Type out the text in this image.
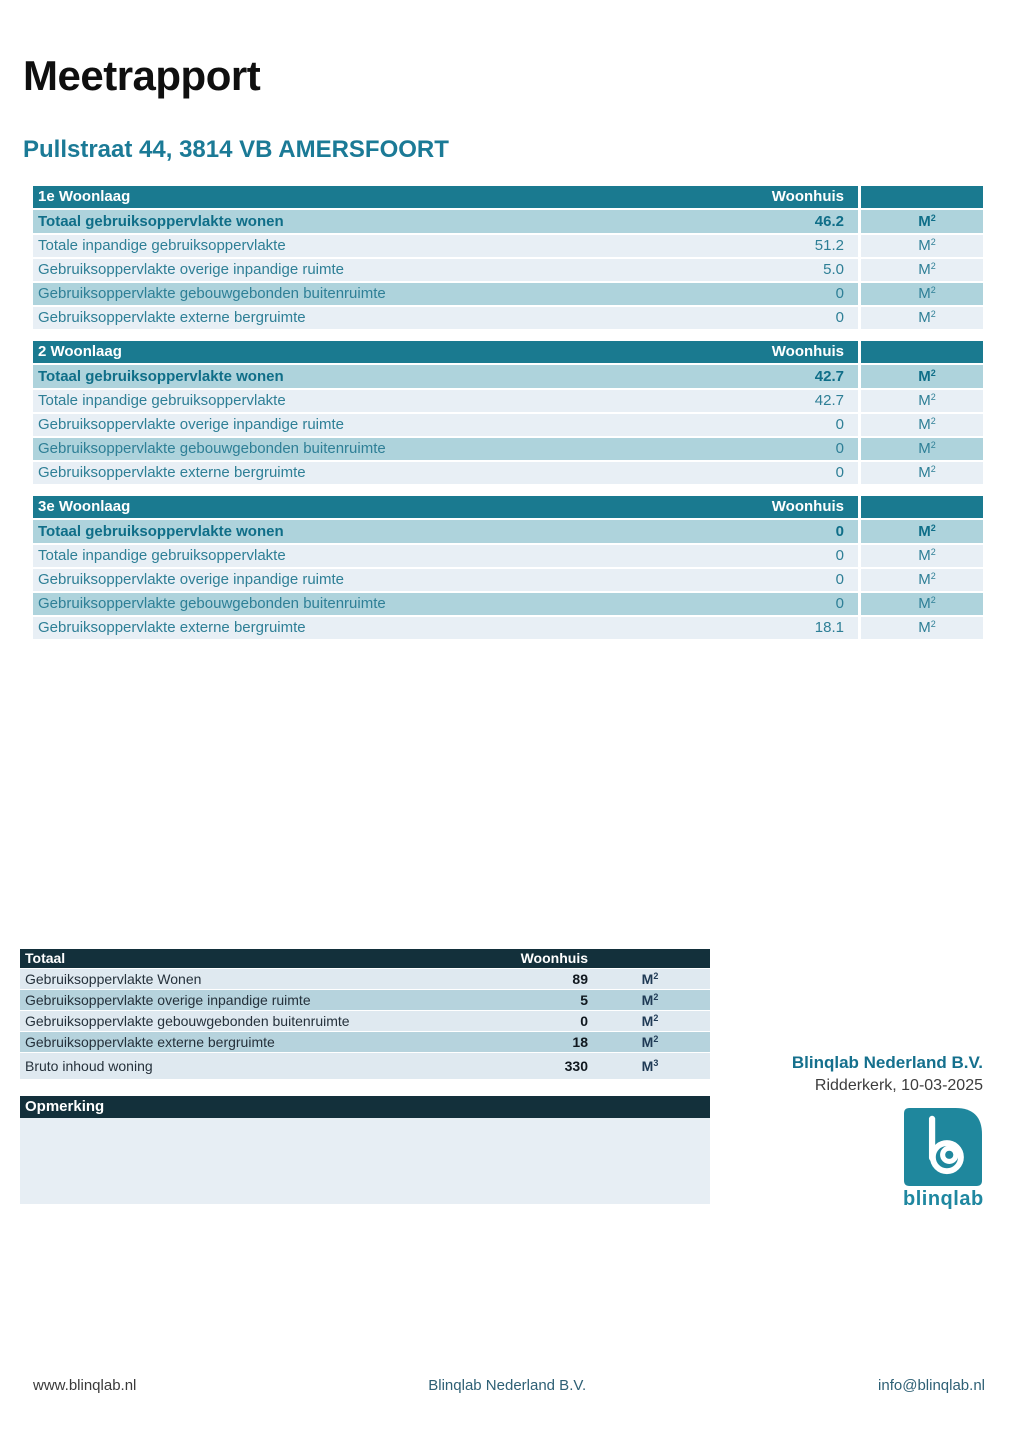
Meetrapport
Pullstraat 44, 3814 VB AMERSFOORT
1e Woonlaag	Woonhuis
Totaal gebruiksoppervlakte wonen	46.2	$M^2$
Totale inpandige gebruiksoppervlakte	51.2	$M^2$
Gebruiksoppervlakte overige inpandige ruimte	5.0	$M^2$
Gebruiksoppervlakte gebouwgebonden buitenruimte	0	$M^2$
Gebruiksoppervlakte externe bergruimte	0	$M^2$
2 Woonlaag	Woonhuis
Totaal gebruiksoppervlakte wonen	42.7	$M^2$
Totale inpandige gebruiksoppervlakte	42.7	$M^2$
Gebruiksoppervlakte overige inpandige ruimte	0	$M^2$
Gebruiksoppervlakte gebouwgebonden buitenruimte	0	$M^2$
Gebruiksoppervlakte externe bergruimte	0	$M^2$
3e Woonlaag	Woonhuis
Totaal gebruiksoppervlakte wonen	0	$M^2$
Totale inpandige gebruiksoppervlakte	0	$M^2$
Gebruiksoppervlakte overige inpandige ruimte	0	$M^2$
Gebruiksoppervlakte gebouwgebonden buitenruimte	0	$M^2$
Gebruiksoppervlakte externe bergruimte	18.1	$M^2$
Totaal	Woonhuis
Gebruiksoppervlakte Wonen	89	$M^2$
Gebruiksoppervlakte overige inpandige ruimte	5	$M^2$
Gebruiksoppervlakte gebouwgebonden buitenruimte	0	$M^2$
Gebruiksoppervlakte externe bergruimte	18	$M^2$
Bruto inhoud woning	330	$M^3$
Opmerking
Blinqlab Nederland B.V.
Ridderkerk, 10-03-2025
blinqlab
www.blinqlab.nl	Blinqlab Nederland B.V.	info@blinqlab.nl
